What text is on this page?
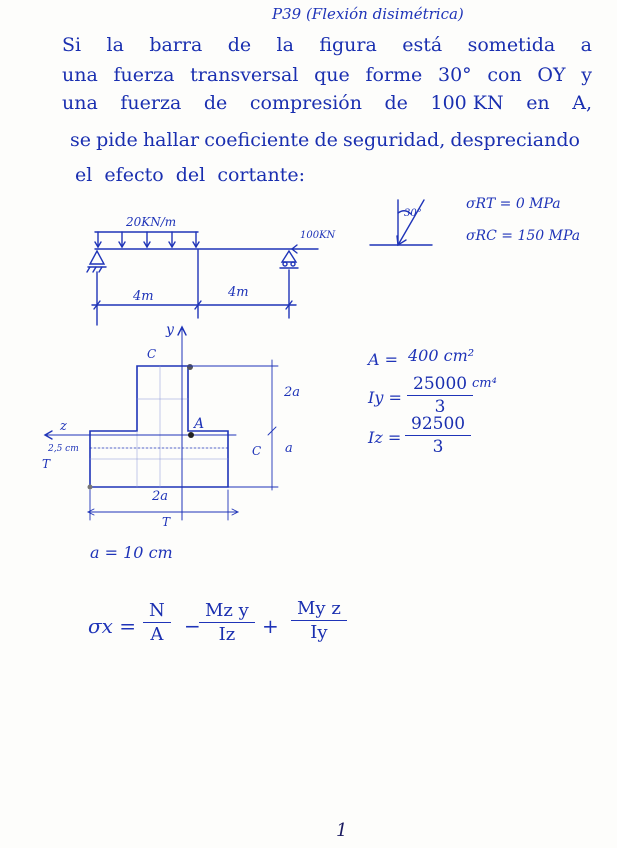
P39 (Flexión disimétrica)
Si la barra de la figura está sometida a
una fuerza transversal que forme 30° con OY y
una fuerza de compresión de 100 KN en A,
se pide hallar coeficiente de seguridad, despreciando
el efecto del cortante:
20KN/m
100KN
4m	4m
30°
y
z	A
C
C
T
T
2a
a
2a
2,5 cm
σRT = 0 MPa
σRC = 150 MPa
A = 400 cm²
$Iy = \frac{25000}{3} cm^4$
$Iz = \frac{92500}{3}$
a = 10 cm
$\sigma x = \frac{N}{A} - \frac{\text{Mz y}}{Iz} + \frac{\text{My z}}{Iy}$
1
